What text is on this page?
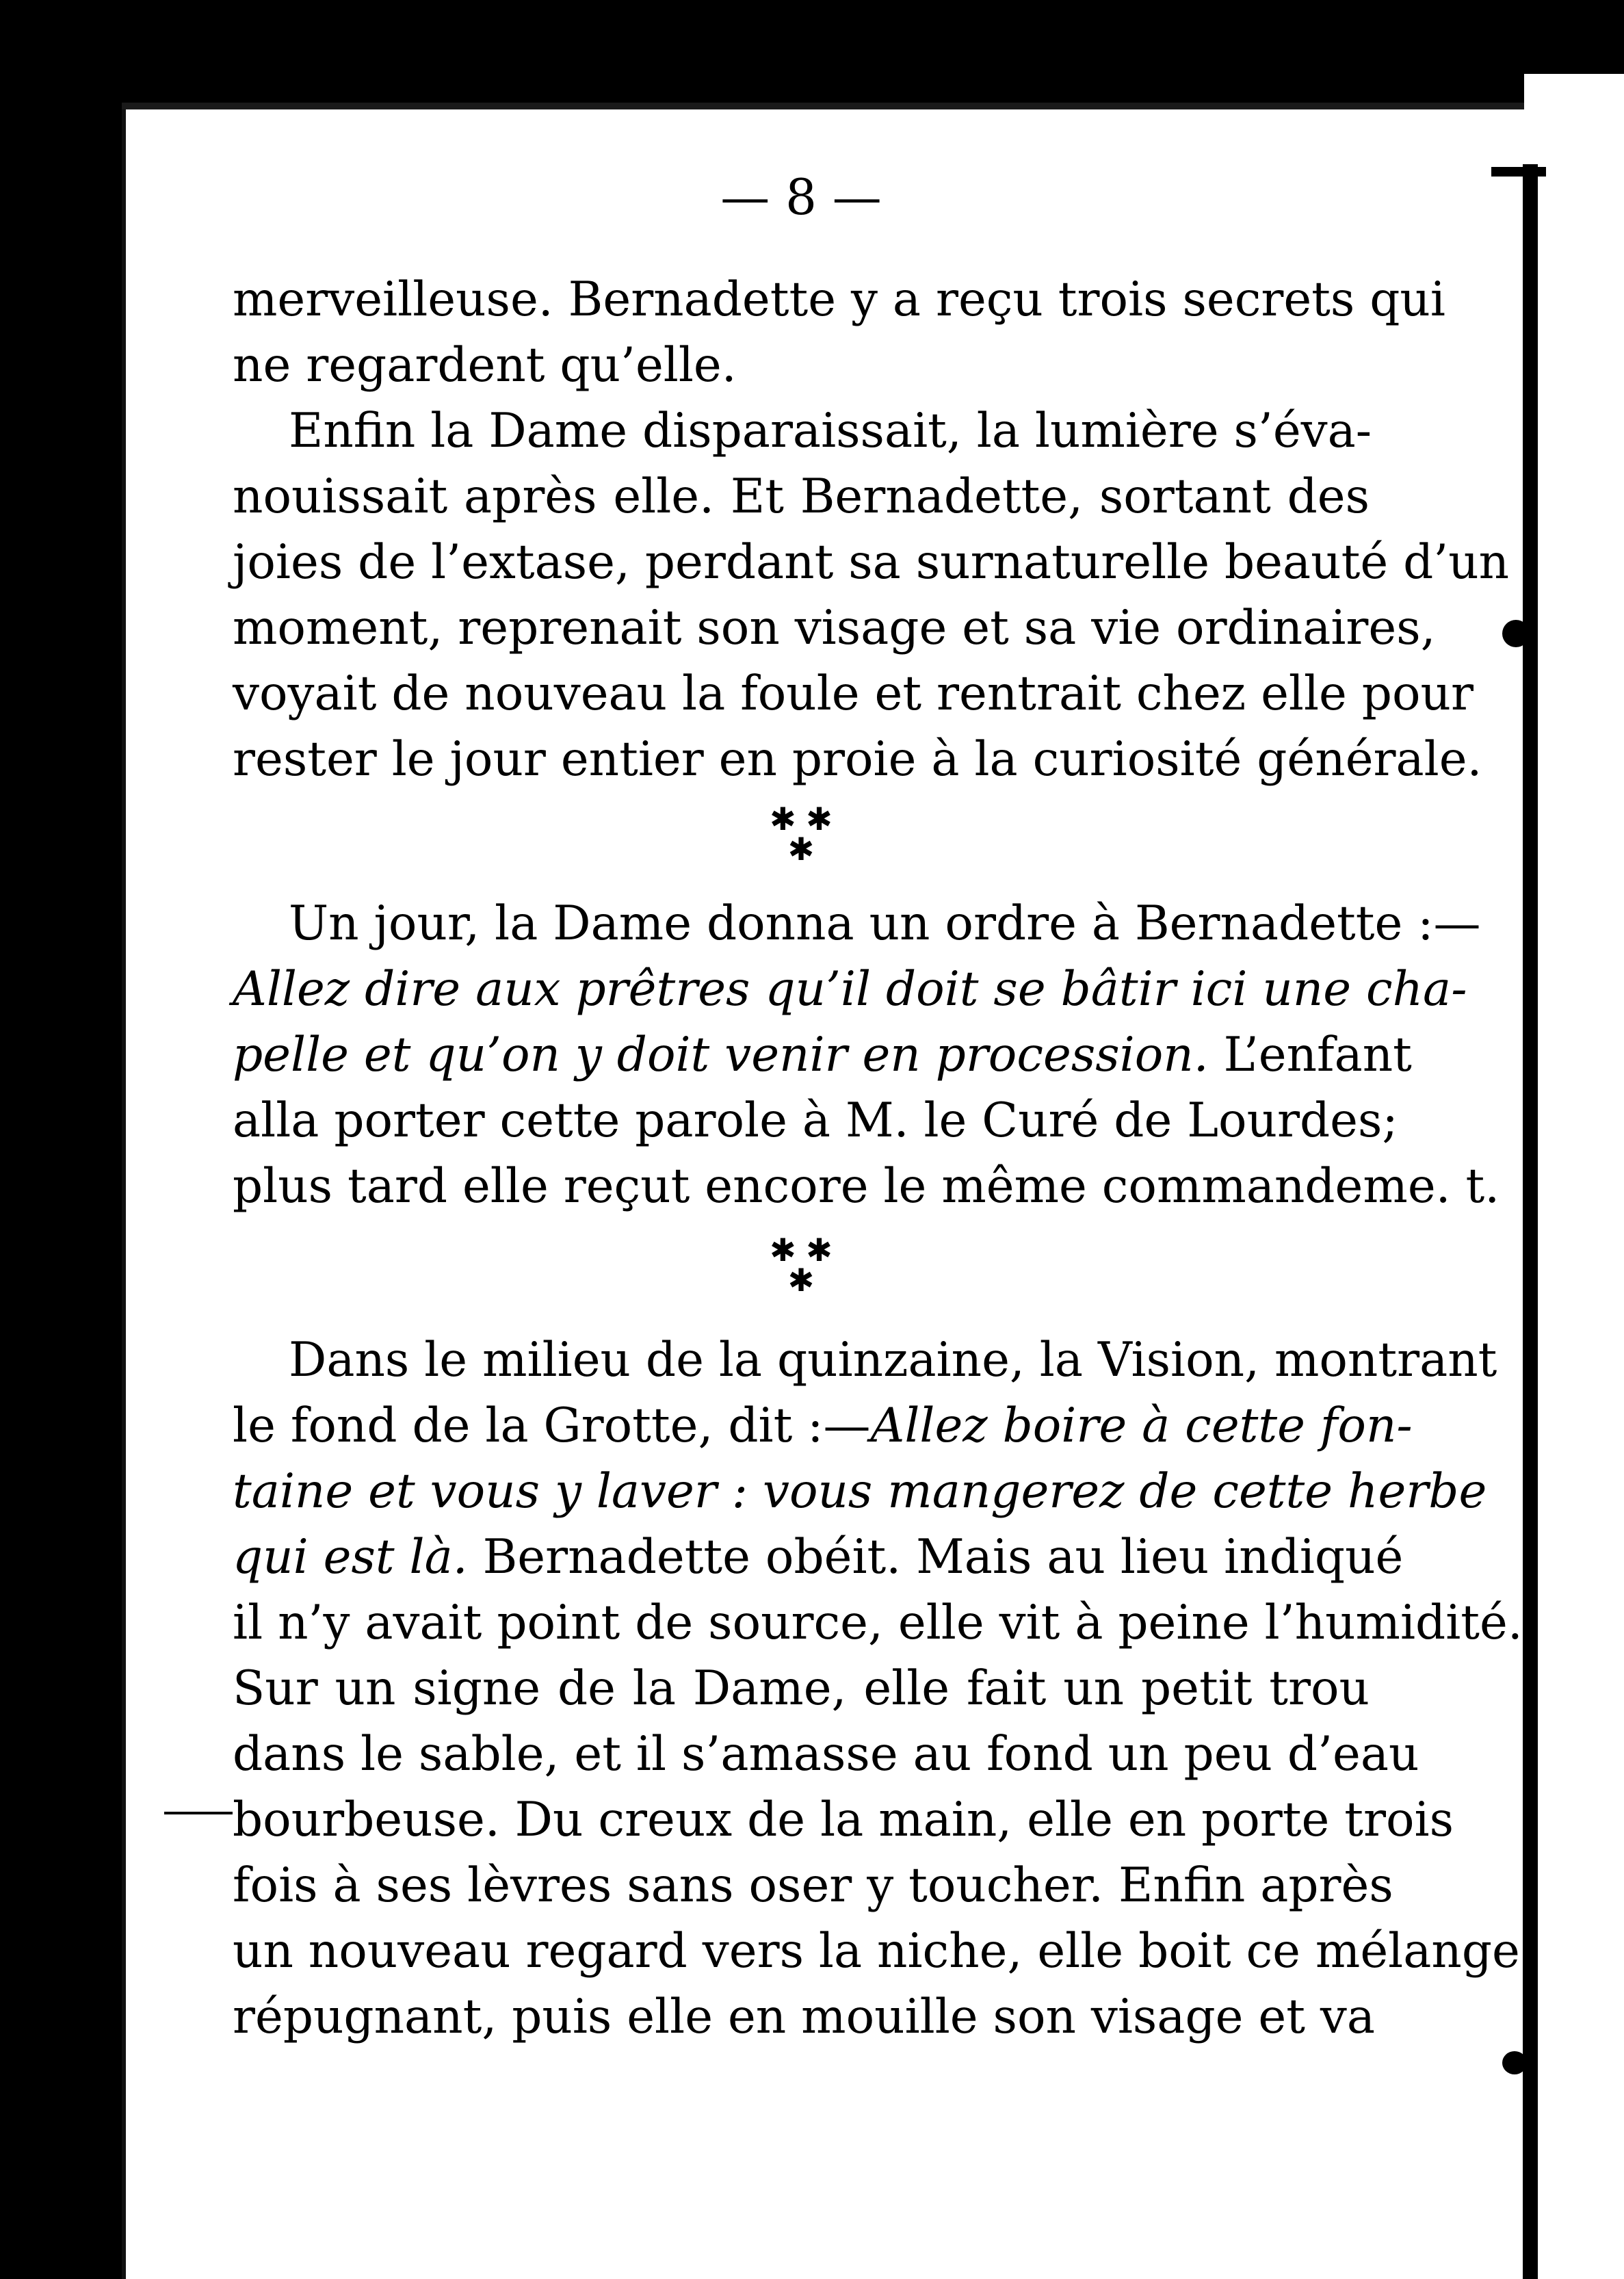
— 8 —
merveilleuse. Bernadette y a reçu trois secrets qui
ne regardent qu’elle.
Enfin la Dame disparaissait, la lumière s’éva-
nouissait après elle. Et Bernadette, sortant des
joies de l’extase, perdant sa surnaturelle beauté d’un
moment, reprenait son visage et sa vie ordinaires,
voyait de nouveau la foule et rentrait chez elle pour
rester le jour entier en proie à la curiosité générale.
✱ ✱
✱
Un jour, la Dame donna un ordre à Bernadette :—
Allez dire aux prêtres qu’il doit se bâtir ici une cha-
pelle et qu’on y doit venir en procession. L’enfant
alla porter cette parole à M. le Curé de Lourdes;
plus tard elle reçut encore le même commandeme. t.
✱ ✱
✱
Dans le milieu de la quinzaine, la Vision, montrant
le fond de la Grotte, dit :—Allez boire à cette fon-
taine et vous y laver : vous mangerez de cette herbe
qui est là. Bernadette obéit. Mais au lieu indiqué
il n’y avait point de source, elle vit à peine l’humidité.
Sur un signe de la Dame, elle fait un petit trou
dans le sable, et il s’amasse au fond un peu d’eau
bourbeuse. Du creux de la main, elle en porte trois
fois à ses lèvres sans oser y toucher. Enfin après
un nouveau regard vers la niche, elle boit ce mélange
répugnant, puis elle en mouille son visage et va
